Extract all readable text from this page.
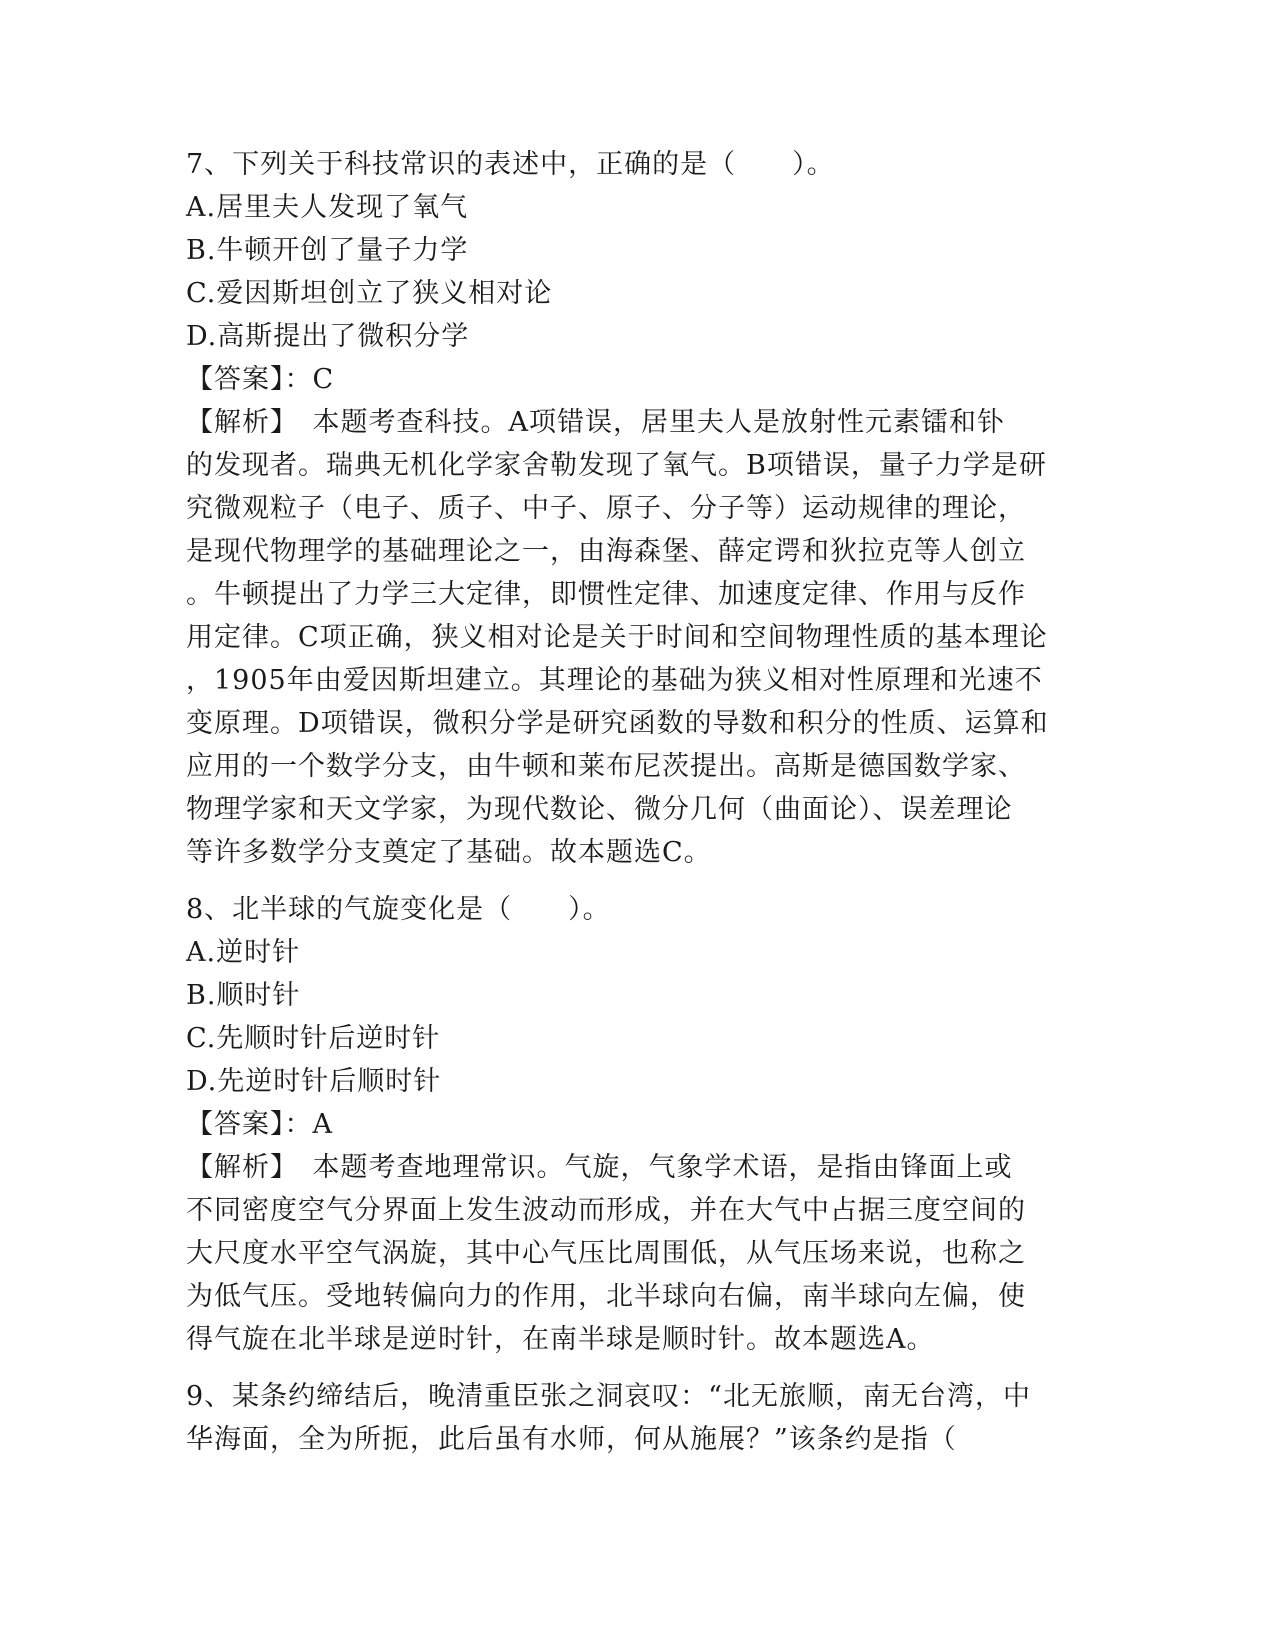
7、下列关于科技常识的表述中，正确的是（　　）。
A.居里夫人发现了氧气
B.牛顿开创了量子力学
C.爱因斯坦创立了狭义相对论
D.高斯提出了微积分学
【答案】：C
【解析】　本题考查科技。A项错误，居里夫人是放射性元素镭和钋
的发现者。瑞典无机化学家舍勒发现了氧气。B项错误，量子力学是研
究微观粒子（电子、质子、中子、原子、分子等）运动规律的理论，
是现代物理学的基础理论之一，由海森堡、薛定谔和狄拉克等人创立
。牛顿提出了力学三大定律，即惯性定律、加速度定律、作用与反作
用定律。C项正确，狭义相对论是关于时间和空间物理性质的基本理论
，1905年由爱因斯坦建立。其理论的基础为狭义相对性原理和光速不
变原理。D项错误，微积分学是研究函数的导数和积分的性质、运算和
应用的一个数学分支，由牛顿和莱布尼茨提出。高斯是德国数学家、
物理学家和天文学家，为现代数论、微分几何（曲面论）、误差理论
等许多数学分支奠定了基础。故本题选C。
8、北半球的气旋变化是（　　）。
A.逆时针
B.顺时针
C.先顺时针后逆时针
D.先逆时针后顺时针
【答案】：A
【解析】　本题考查地理常识。气旋，气象学术语，是指由锋面上或
不同密度空气分界面上发生波动而形成，并在大气中占据三度空间的
大尺度水平空气涡旋，其中心气压比周围低，从气压场来说，也称之
为低气压。受地转偏向力的作用，北半球向右偏，南半球向左偏，使
得气旋在北半球是逆时针，在南半球是顺时针。故本题选A。
9、某条约缔结后，晚清重臣张之洞哀叹：“北无旅顺，南无台湾，中
华海面，全为所扼，此后虽有水师，何从施展？”该条约是指（
